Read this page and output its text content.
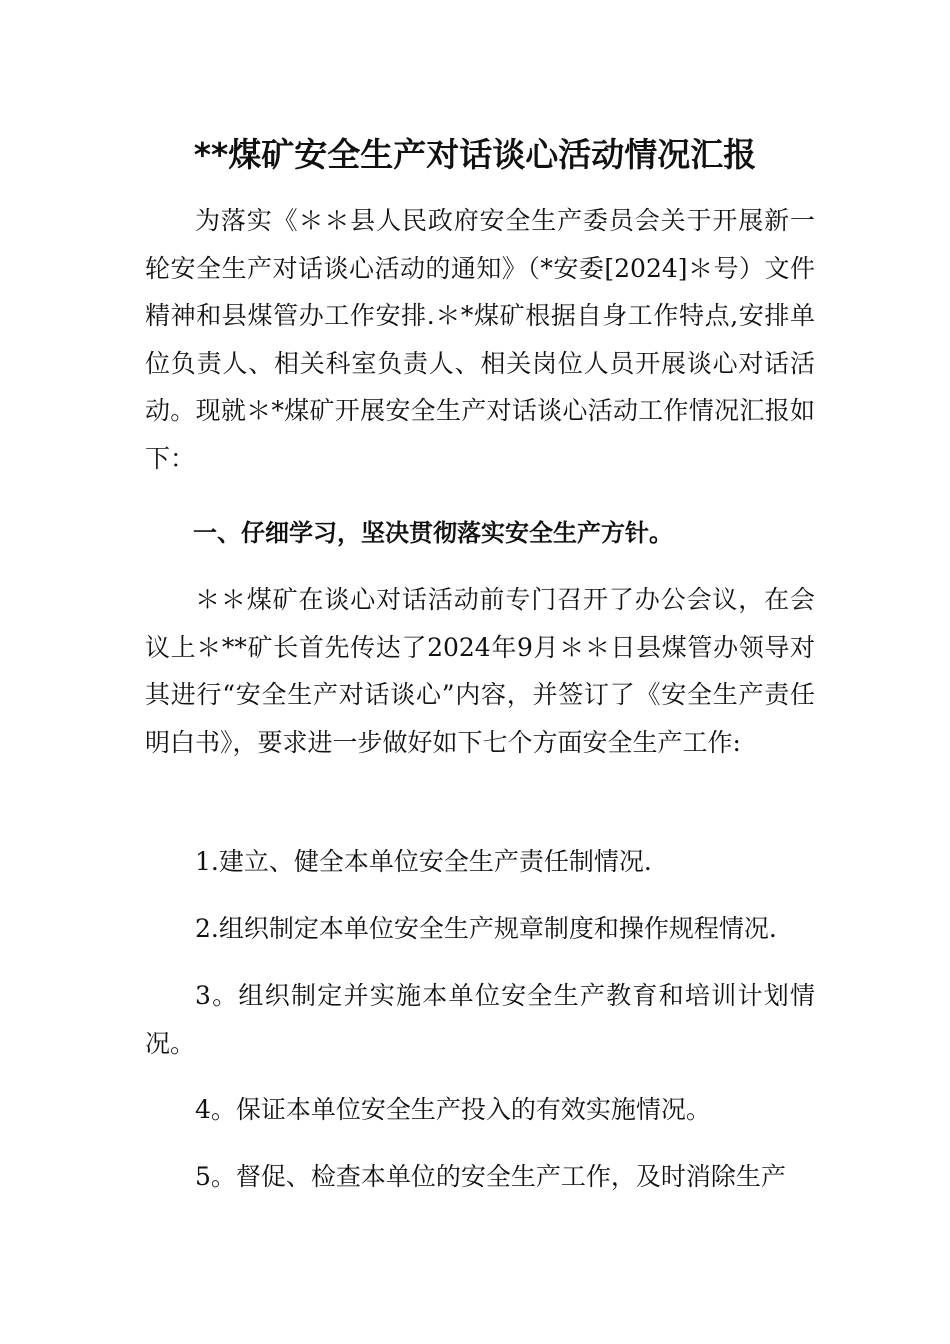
**煤矿安全生产对话谈心活动情况汇报

为落实《＊＊县人民政府安全生产委员会关于开展新一轮安全生产对话谈心活动的通知》（*安委[2024]＊号）文件精神和县煤管办工作安排.＊*煤矿根据自身工作特点,安排单位负责人、相关科室负责人、相关岗位人员开展谈心对话活动。现就＊*煤矿开展安全生产对话谈心活动工作情况汇报如下：

一、仔细学习，坚决贯彻落实安全生产方针。

＊＊煤矿在谈心对话活动前专门召开了办公会议，在会议上＊**矿长首先传达了2024年9月＊＊日县煤管办领导对其进行“安全生产对话谈心”内容，并签订了《安全生产责任明白书》，要求进一步做好如下七个方面安全生产工作:

1.建立、健全本单位安全生产责任制情况.

2.组织制定本单位安全生产规章制度和操作规程情况.

3。组织制定并实施本单位安全生产教育和培训计划情况。

4。保证本单位安全生产投入的有效实施情况。

5。督促、检查本单位的安全生产工作，及时消除生产
